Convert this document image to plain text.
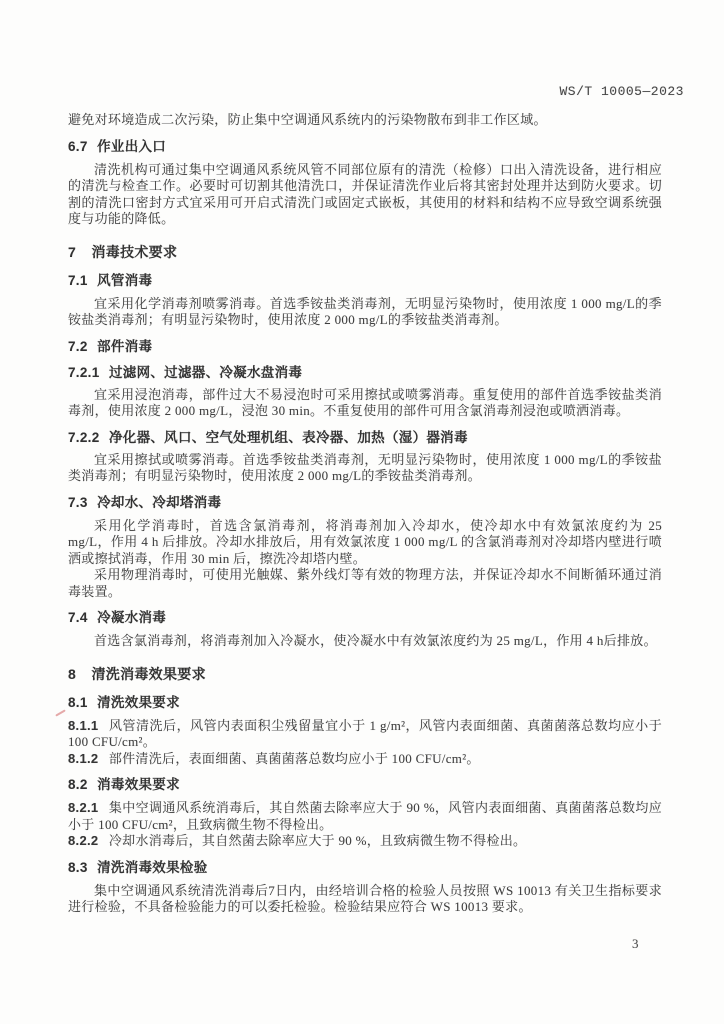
WS/T 10005—2023

避免对环境造成二次污染，防止集中空调通风系统内的污染物散布到非工作区域。

6.7 作业出入口

清洗机构可通过集中空调通风系统风管不同部位原有的清洗（检修）口出入清洗设备，进行相应的清洗与检查工作。必要时可切割其他清洗口，并保证清洗作业后将其密封处理并达到防火要求。切割的清洗口密封方式宜采用可开启式清洗门或固定式嵌板，其使用的材料和结构不应导致空调系统强度与功能的降低。

7 消毒技术要求
7.1 风管消毒

宜采用化学消毒剂喷雾消毒。首选季铵盐类消毒剂，无明显污染物时，使用浓度 1 000 mg/L的季铵盐类消毒剂；有明显污染物时，使用浓度 2 000 mg/L的季铵盐类消毒剂。

7.2 部件消毒
7.2.1 过滤网、过滤器、冷凝水盘消毒

宜采用浸泡消毒，部件过大不易浸泡时可采用擦拭或喷雾消毒。重复使用的部件首选季铵盐类消毒剂，使用浓度 2 000 mg/L，浸泡 30 min。不重复使用的部件可用含氯消毒剂浸泡或喷洒消毒。

7.2.2 净化器、风口、空气处理机组、表冷器、加热（湿）器消毒

宜采用擦拭或喷雾消毒。首选季铵盐类消毒剂，无明显污染物时，使用浓度 1 000 mg/L的季铵盐类消毒剂；有明显污染物时，使用浓度 2 000 mg/L的季铵盐类消毒剂。

7.3 冷却水、冷却塔消毒

采用化学消毒时，首选含氯消毒剂，将消毒剂加入冷却水，使冷却水中有效氯浓度约为 25 mg/L，作用 4 h 后排放。冷却水排放后，用有效氯浓度 1 000 mg/L 的含氯消毒剂对冷却塔内壁进行喷洒或擦拭消毒，作用 30 min 后，擦洗冷却塔内壁。

采用物理消毒时，可使用光触媒、紫外线灯等有效的物理方法，并保证冷却水不间断循环通过消毒装置。

7.4 冷凝水消毒

首选含氯消毒剂，将消毒剂加入冷凝水，使冷凝水中有效氯浓度约为 25 mg/L，作用 4 h后排放。

8 清洗消毒效果要求
8.1 清洗效果要求

8.1.1 风管清洗后，风管内表面积尘残留量宜小于 1 g/m²，风管内表面细菌、真菌菌落总数均应小于 100 CFU/cm²。

8.1.2 部件清洗后，表面细菌、真菌菌落总数均应小于 100 CFU/cm²。

8.2 消毒效果要求

8.2.1 集中空调通风系统消毒后，其自然菌去除率应大于 90 %，风管内表面细菌、真菌菌落总数均应小于 100 CFU/cm²，且致病微生物不得检出。

8.2.2 冷却水消毒后，其自然菌去除率应大于 90 %，且致病微生物不得检出。

8.3 清洗消毒效果检验

集中空调通风系统清洗消毒后7日内，由经培训合格的检验人员按照 WS 10013 有关卫生指标要求进行检验，不具备检验能力的可以委托检验。检验结果应符合 WS 10013 要求。

3
